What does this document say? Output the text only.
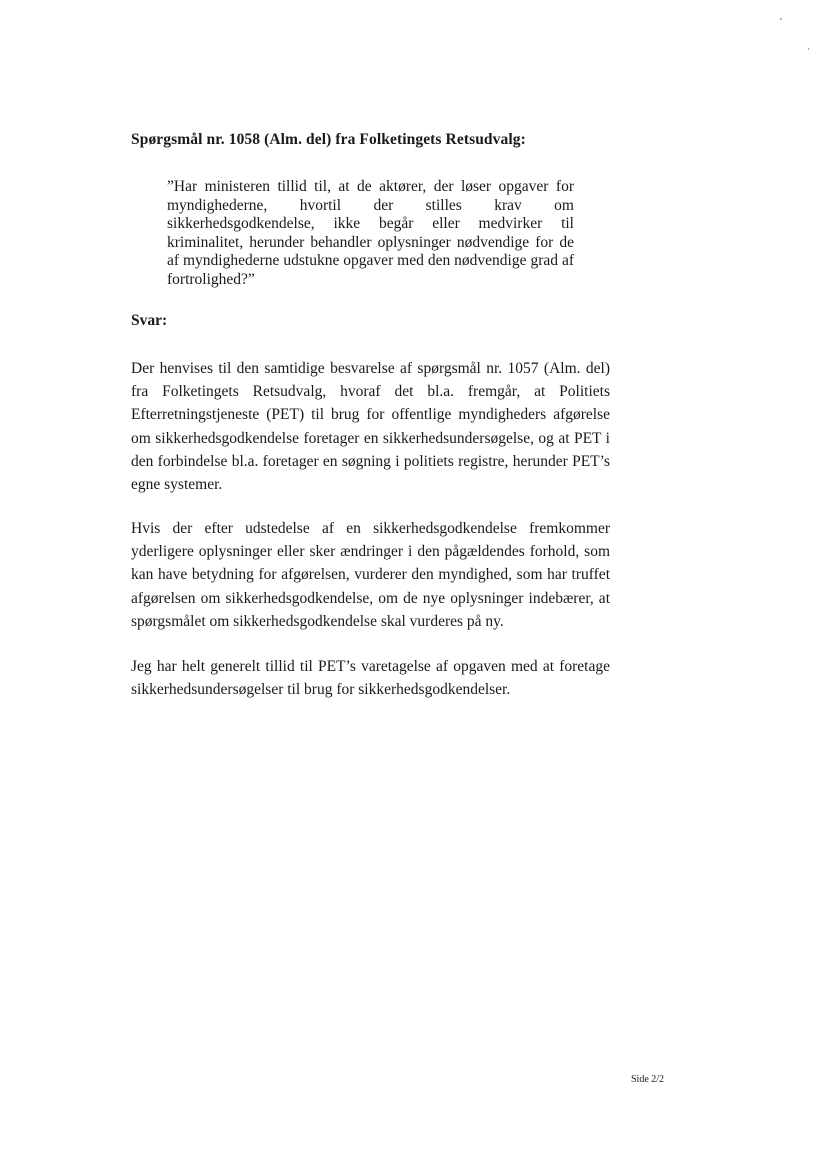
Spørgsmål nr. 1058 (Alm. del) fra Folketingets Retsudvalg:

”Har ministeren tillid til, at de aktører, der løser opgaver for myndighederne, hvortil der stilles krav om sikkerhedsgodkendelse, ikke begår eller medvirker til kriminalitet, herunder behandler oplysninger nødvendige for de af myndighederne udstukne opgaver med den nødvendige grad af fortrolighed?”

Svar:

Der henvises til den samtidige besvarelse af spørgsmål nr. 1057 (Alm. del) fra Folketingets Retsudvalg, hvoraf det bl.a. fremgår, at Politiets Efterretningstjeneste (PET) til brug for offentlige myndigheders afgørelse om sikkerhedsgodkendelse foretager en sikkerhedsundersøgelse, og at PET i den forbindelse bl.a. foretager en søgning i politiets registre, herunder PET’s egne systemer.

Hvis der efter udstedelse af en sikkerhedsgodkendelse fremkommer yderligere oplysninger eller sker ændringer i den pågældendes forhold, som kan have betydning for afgørelsen, vurderer den myndighed, som har truffet afgørelsen om sikkerhedsgodkendelse, om de nye oplysninger indebærer, at spørgsmålet om sikkerhedsgodkendelse skal vurderes på ny.

Jeg har helt generelt tillid til PET’s varetagelse af opgaven med at foretage sikkerhedsundersøgelser til brug for sikkerhedsgodkendelser.

Side 2/2
